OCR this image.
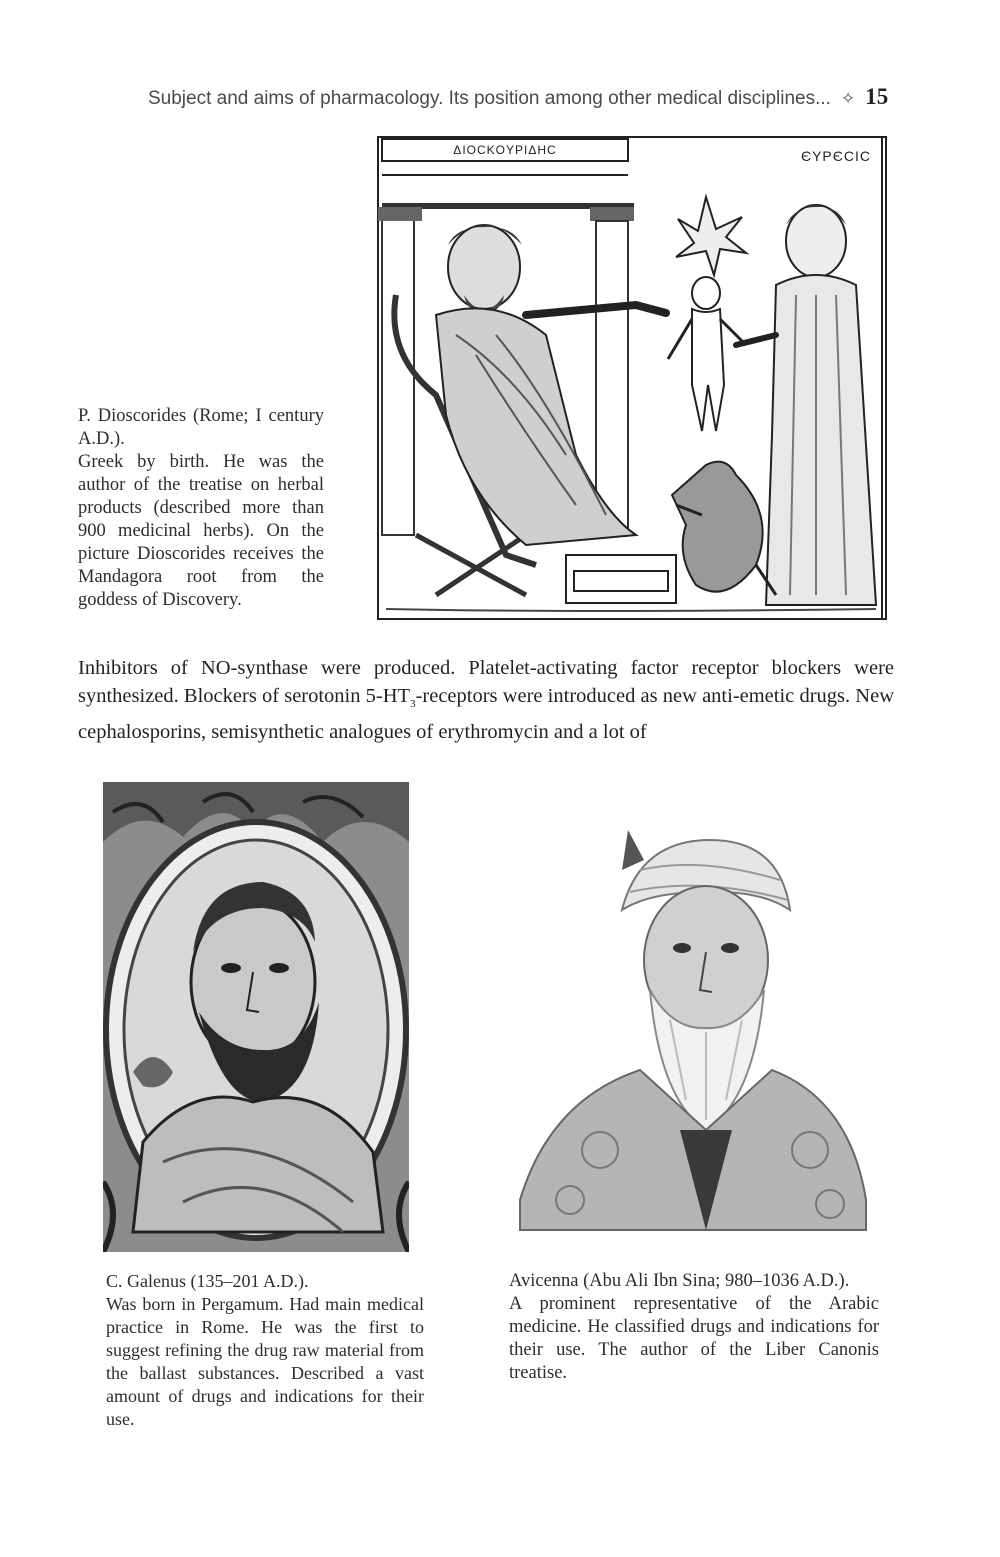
Subject and aims of pharmacology. Its position among other medical disciplines... ✧ 15
ΔIOCKOYPIΔHC	ЄYPЄCIC

P. Dioscorides (Rome; I century A.D.).

Greek by birth. He was the author of the treatise on herbal products (described more than 900 medicinal herbs). On the picture Dioscorides receives the Mandagora root from the goddess of Discovery.

Inhibitors of NO-synthase were produced. Platelet-activating factor receptor blockers were synthesized. Blockers of serotonin $5-HT_3$-receptors were introduced as new anti-emetic drugs. New cephalosporins, semisynthetic analogues of erythromycin and a lot of

C. Galenus (135–201 A.D.).

Was born in Pergamum. Had main medical practice in Rome. He was the first to suggest refining the drug raw material from the ballast substances. Described a vast amount of drugs and indications for their use.

Avicenna (Abu Ali Ibn Sina; 980–1036 A.D.).

A prominent representative of the Arabic medicine. He classified drugs and indications for their use. The author of the Liber Canonis treatise.
